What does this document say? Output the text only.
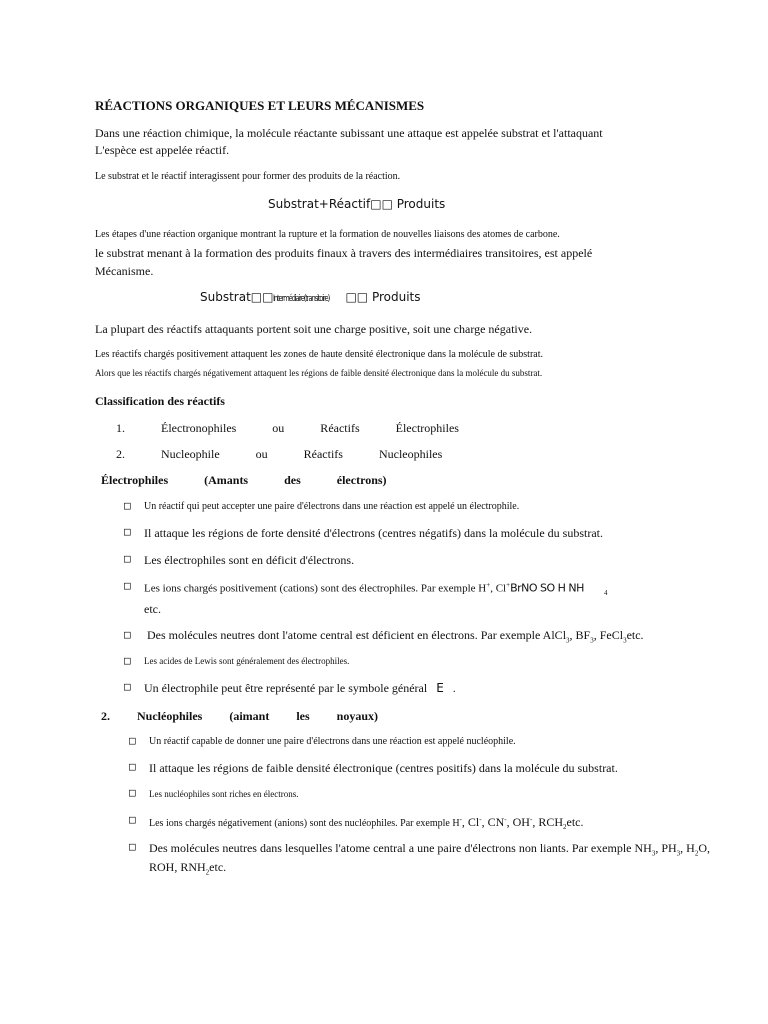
RÉACTIONS ORGANIQUES ET LEURS MÉCANISMES
Dans une réaction chimique, la molécule réactante subissant une attaque est appelée substrat et l'attaquant
L'espèce est appelée réactif.
Le substrat et le réactif interagissent pour former des produits de la réaction.
Substrat+Réactif□□ Produits
Les étapes d'une réaction organique montrant la rupture et la formation de nouvelles liaisons des atomes de carbone.
le substrat menant à la formation des produits finaux à travers des intermédiaires transitoires, est appelé
Mécanisme.
Substrat□□Intermédiaire(transitoire) □□ Produits
La plupart des réactifs attaquants portent soit une charge positive, soit une charge négative.
Les réactifs chargés positivement attaquent les zones de haute densité électronique dans la molécule de substrat.
Alors que les réactifs chargés négativement attaquent les régions de faible densité électronique dans la molécule du substrat.
Classification des réactifs
1.  Électronophiles  ou  Réactifs  Électrophiles
2.  Nucleophile  ou  Réactifs  Nucleophiles
Électrophiles  (Amants  des  électrons)
□ Un réactif qui peut accepter une paire d'électrons dans une réaction est appelé un électrophile.
□ Il attaque les régions de forte densité d'électrons (centres négatifs) dans la molécule du substrat.
□ Les électrophiles sont en déficit d'électrons.
□ Les ions chargés positivement (cations) sont des électrophiles. Par exemple H+, Cl+BrNO SO H NH	$_4$
etc.
□ Des molécules neutres dont l'atome central est déficient en électrons. Par exemple AlCl$_3$, $BF_3$, FeCl$_3$etc.
□ Les acides de Lewis sont généralement des électrophiles.
□ Un électrophile peut être représenté par le symbole général E .
2.   Nucléophiles   (aimant   les   noyaux)
□ Un réactif capable de donner une paire d'électrons dans une réaction est appelé nucléophile.
□ Il attaque les régions de faible densité électronique (centres positifs) dans la molécule du substrat.
□ Les nucléophiles sont riches en électrons.
□ Les ions chargés négativement (anions) sont des nucléophiles. Par exemple H-, Cl-, CN-, OH-, $RCH_2etc$.
□ Des molécules neutres dans lesquelles l'atome central a une paire d'électrons non liants. Par exemple $NH_3$, $PH_3$, $H_2O$,
ROH, $RNH_2etc$.
